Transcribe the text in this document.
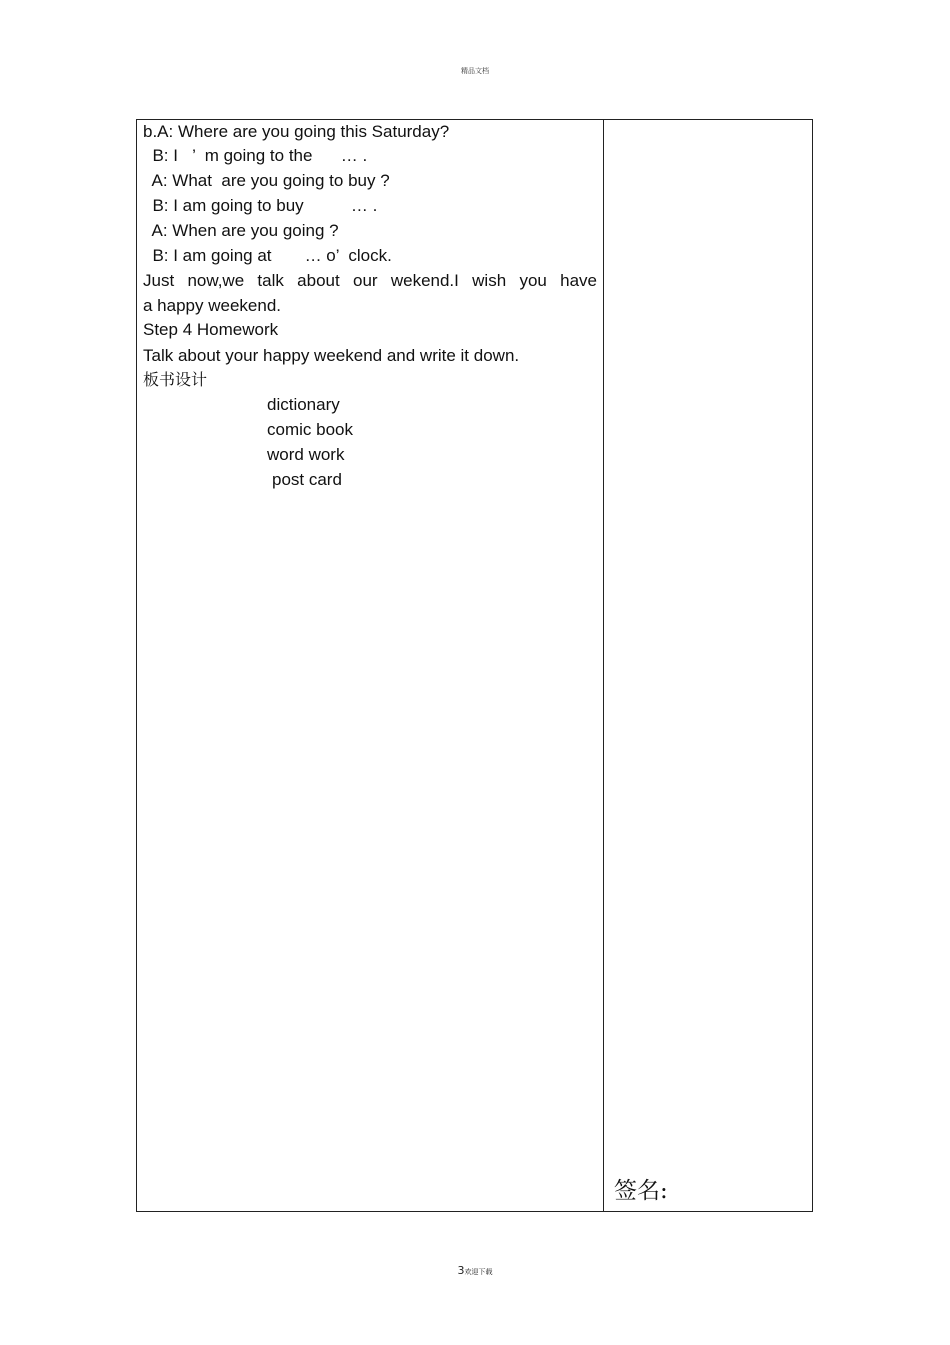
精品文档
b.A: Where are you going this Saturday?
B: I   ’  m going to the      … .
A: What  are you going to buy ?
B: I am going to buy          … .
A: When are you going ?
B: I am going at       … o’  clock.
Just now,we talk about our wekend.I wish you have
a happy weekend.
Step 4 Homework
Talk about your happy weekend and write it down.
板书设计
dictionary
comic book
word work
post card
签名:
3欢迎下载
